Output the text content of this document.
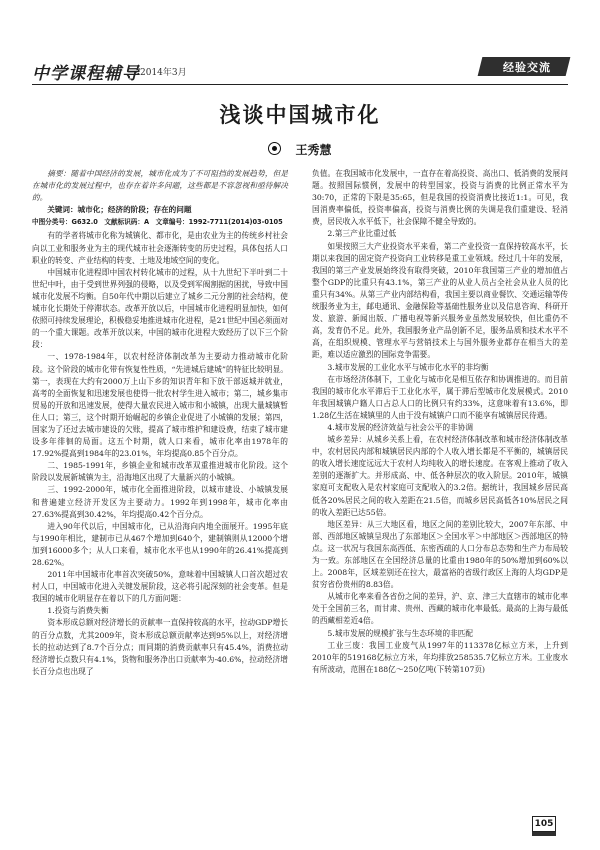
中学课程辅导 2014年3月	经验交流
浅谈中国城市化
王秀慧

摘要：随着中国经济的发展，城市化成为了不可阻挡的发展趋势，但是在城市化的发展过程中，也存在着许多问题，这些都是不容忽视和亟待解决的。

关键词：城市化；经济的阶段；存在的问题

中图分类号：G632.0　文献标识码：A　文章编号：1992-7711(2014)03-0105

有的学者将城市化称为城镇化、都市化，是由农业为主的传统乡村社会向以工业和服务业为主的现代城市社会逐渐转变的历史过程，具体包括人口职业的转变、产业结构的转变、土地及地域空间的变化。

中国城市化进程即中国农村转化城市的过程，从十九世纪下半叶到二十世纪中叶，由于受到世界列强的侵略，以及受到军阀割据的困扰，导致中国城市化发展不均衡。自50年代中期以后建立了城乡二元分割的社会结构，使城市化长期处于停滞状态。改革开放以后，中国城市化进程明显加快，如何依照可持续发展理论，积极稳妥地推进城市化进程，是21世纪中国必须面对的一个重大课题。改革开放以来，中国的城市化进程大致经历了以下三个阶段：

一、1978-1984年，以农村经济体制改革为主要动力推动城市化阶段。这个阶段的城市化带有恢复性性质，“先进城后建城”的特征比较明显。第一，表现在大约有2000万上山下乡的知识青年和下放干部返城并就业，高考的全面恢复和迅速发展也使得一批农村学生进入城市；第二，城乡集市贸易的开放和迅速发展，使得大量农民进入城市和小城镇，出现大量城镇暂住人口；第三，这个时期开始崛起的乡镇企业促进了小城镇的发展；第四，国家为了还过去城市建设的欠账，提高了城市维护和建设费，结束了城市建设多年徘徊的局面。这五个时期，就人口来看，城市化率由1978年的17.92%提高到1984年的23.01%，年均提高0.85个百分点。

二、1985-1991年，乡镇企业和城市改革双重推进城市化阶段。这个阶段以发展新城镇为主，沿海地区出现了大量新兴的小城镇。

三、1992-2000年，城市化全面推进阶段，以城市建设、小城镇发展和普遍建立经济开发区为主要动力。1992年到1998年，城市化率由27.63%提高到30.42%，年均提高0.42个百分点。

进入90年代以后，中国城市化，已从沿海向内地全面展开。1995年底与1990年相比，建制市已从467个增加到640个，建制镇则从12000个增加到16000多个；从人口来看，城市化水平也从1990年的26.41%提高到28.62%。

2011年中国城市化率首次突破50%，意味着中国城镇人口首次超过农村人口，中国城市化进入关键发展阶段，这必将引起深刻的社会变革。但是我国的城市化明显存在着以下的几方面问题：

1.投资与消费失衡

资本形成总额对经济增长的贡献率一直保持较高的水平，拉动GDP增长的百分点数，尤其2009年，资本形成总额贡献率达到95%以上，对经济增长的拉动达到了8.7个百分点；而同期的消费贡献率只有45.4%，消费拉动经济增长点数只有4.1%，货物和服务净出口贡献率为-40.6%，拉动经济增长百分点也出现了

负值。在我国城市化发展中，一直存在着高投资、高出口、低消费的发展问题。按照国际惯例，发展中的转型国家，投资与消费的比例正常水平为30:70，正常的下限是35:65，但是我国的投资消费比接近1:1。可见，我国消费率偏低，投资率偏高，投资与消费比例的失调是我们重建设、轻消费，居民收入水平低下，社会保障不健全导致的。

2.第三产业比重过低

如果按照三大产业投资水平来看，第二产业投资一直保持较高水平，长期以来我国的固定资产投资向工业转移是重工业领域。经过几十年的发展，我国的第三产业发展始终没有取得突破，2010年我国第三产业的增加值占整个GDP的比重只有43.1%，第三产业的从业人员占全社会从业人员的比重只有34%。从第三产业内部结构看，我国主要以商业餐饮、交通运输等传统服务业为主，邮电通讯、金融保险等基础性服务业以及信息咨询、科研开发、旅游、新闻出版、广播电视等新兴服务业虽然发展较快，但比重仍不高，发育仍不足。此外，我国服务业产品创新不足，服务品质和技术水平不高，在组织规模、管理水平与营销技术上与国外服务业都存在相当大的差距，难以适应激烈的国际竞争需要。

3.城市发展的工业化水平与城市化水平的非均衡

在市场经济体制下，工业化与城市化是相互依存和协调推进的。而目前我国的城市化水平滞后于工业化水平，属于滞后型城市化发展模式。2010年我国城镇户籍人口占总人口的比例只有约33%，这意味着有13.6%，即1.28亿生活在城镇里的人由于没有城镇户口而不能享有城镇居民待遇。

4.城市发展的经济效益与社会公平的非协调

城乡差异：从城乡关系上看，在农村经济体制改革和城市经济体制改革中，农村居民内部和城镇居民内部的个人收入增长都是不平衡的，城镇居民的收入增长速度远远大于农村人均纯收入的增长速度。在客观上推动了收入差别的逐渐扩大。并形成高、中、低各种层次的收入阶层。2010年，城镇家庭可支配收入是农村家庭可支配收入的3.2倍。据统计，我国城乡居民高低各20%居民之间的收入差距在21.5倍，而城乡居民高低各10%居民之间的收入差距已达55倍。

地区差异：从三大地区看，地区之间的差别比较大，2007年东部、中部、西部地区城镇呈现出了东部地区＞全国水平＞中部地区＞西部地区的特点。这一状况与我国东高西低、东密西疏的人口分布总态势和生产力布局较为一致。东部地区在全国经济总量的比重由1980年的50%增加到60%以上。2008年，区域差别还在拉大，最富裕的省级行政区上海的人均GDP是贫穷省份贵州的8.83倍。

从城市化率来看各省份之间的差异，沪、京、津三大直辖市的城市化率处于全国前三名，而甘肃、贵州、西藏的城市化率最低。最高的上海与最低的西藏相差近4倍。

5.城市发展的规模扩张与生态环境的非匹配

工业三废：我国工业废气从1997年的113378亿标立方米，上升到2010年的519168亿标立方米，年均排放258535.7亿标立方米。工业废水有所波动，范围在188亿～250亿吨(下转第107页)

105
